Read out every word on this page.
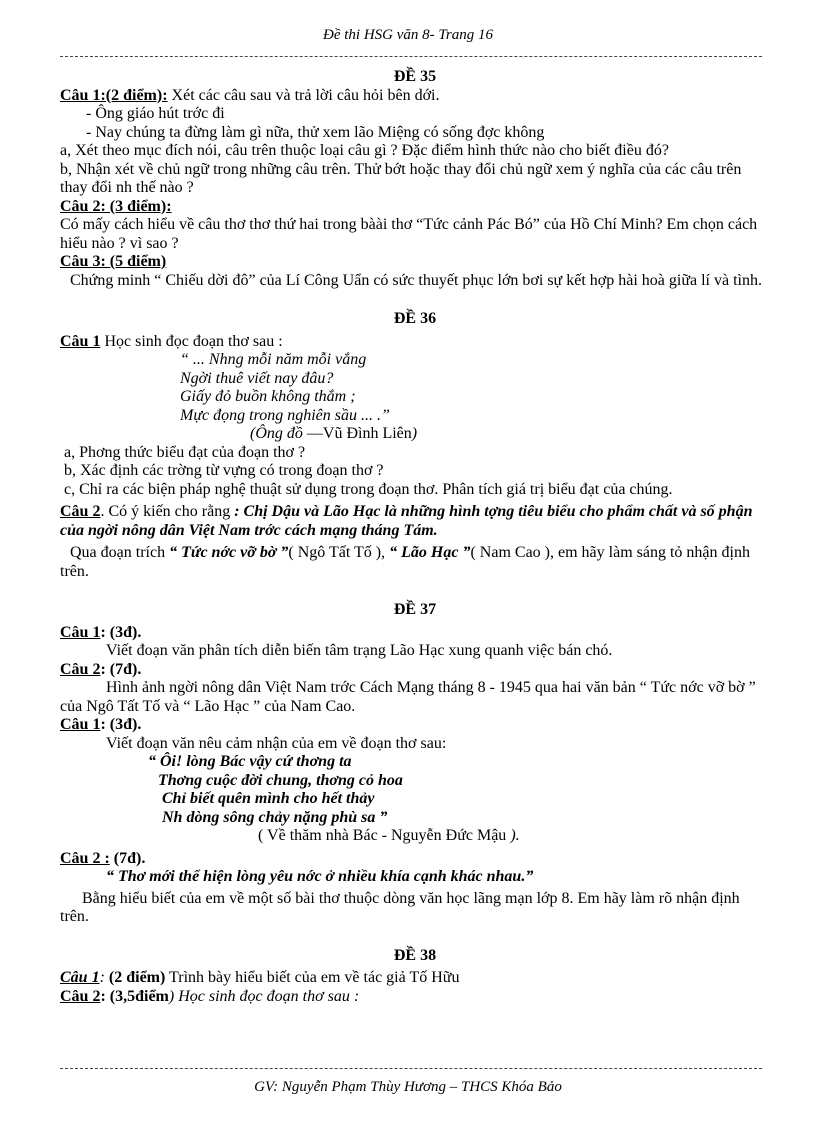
Đề thi HSG văn 8- Trang 16
ĐỀ 35

Câu 1:(2 điểm): Xét các câu sau và trả lời câu hỏi bên dới.

- Ông giáo hút trớc đi

- Nay chúng ta đừng làm gì nữa, thử xem lão Miệng có sống đợc không

a, Xét theo mục đích nói, câu trên thuộc loại câu gì ? Đặc điểm hình thức nào cho biết điều đó?

b, Nhận xét về chủ ngữ trong những câu trên. Thử bớt hoặc thay đổi chủ ngữ xem ý nghĩa của các câu trên thay đổi nh thế nào ?

Câu 2: (3 điểm):

Có mấy cách hiểu về câu thơ thơ thứ hai trong bàài thơ “Tức cảnh Pác Bó” của Hồ Chí Minh? Em chọn cách hiểu nào ? vì sao ?

Câu 3: (5 điểm)

Chứng minh “ Chiếu dời đô” của Lí Công Uẩn có sức thuyết phục lớn bơi sự kết hợp hài hoà giữa lí và tình.

ĐỀ 36

Câu 1 Học sinh đọc đoạn thơ sau :

“ ... Nhng mỗi năm mỗi vắng

Ngời thuê viết nay đâu?

Giấy đỏ buồn không thắm ;

Mực đọng trong nghiên sầu ... .”

(Ông đồ —Vũ Đình Liên)

a, Phơng thức biểu đạt của đoạn thơ ?

b, Xác định các trờng từ vựng có trong đoạn thơ ?

c, Chỉ ra các biện pháp nghệ thuật sử dụng trong đoạn thơ. Phân tích giá trị biểu đạt của chúng.

Câu 2. Có ý kiến cho rằng : Chị Dậu và Lão Hạc là những hình tợng tiêu biểu cho phẩm chất và số phận của ngời nông dân Việt Nam trớc cách mạng tháng Tám.

Qua đoạn trích “ Tức nớc vỡ bờ ”( Ngô Tất Tố ), “ Lão Hạc ”( Nam Cao ), em hãy làm sáng tỏ nhận định trên.

ĐỀ 37

Câu 1: (3đ).

Viết đoạn văn phân tích diễn biến tâm trạng Lão Hạc xung quanh việc bán chó.

Câu 2: (7đ).

Hình ảnh ngời nông dân Việt Nam trớc Cách Mạng tháng 8 - 1945 qua hai văn bản “ Tức nớc vỡ bờ ” của Ngô Tất Tố và “ Lão Hạc ” của Nam Cao.

Câu 1: (3đ).

Viết đoạn văn nêu cảm nhận của em về đoạn thơ sau:

“ Ôi! lòng Bác vậy cứ thơng ta

Thơng cuộc đời chung, thơng cỏ hoa

Chỉ biết quên mình cho hết thảy

Nh dòng sông chảy nặng phù sa ”

( Về thăm nhà Bác - Nguyễn Đức Mậu ).

Câu 2 : (7đ).

“ Thơ mới thể hiện lòng yêu nớc ở nhiều khía cạnh khác nhau.”

Bằng hiểu biết của em về một số bài thơ thuộc dòng văn học lãng mạn lớp 8. Em hãy làm rõ nhận định trên.

ĐỀ 38

Câu 1: (2 điểm) Trình bày hiểu biết của em về tác giả Tố Hữu

Câu 2: (3,5điểm) Học sinh đọc đoạn thơ sau :

GV: Nguyễn Phạm Thùy Hương – THCS Khóa Bảo
